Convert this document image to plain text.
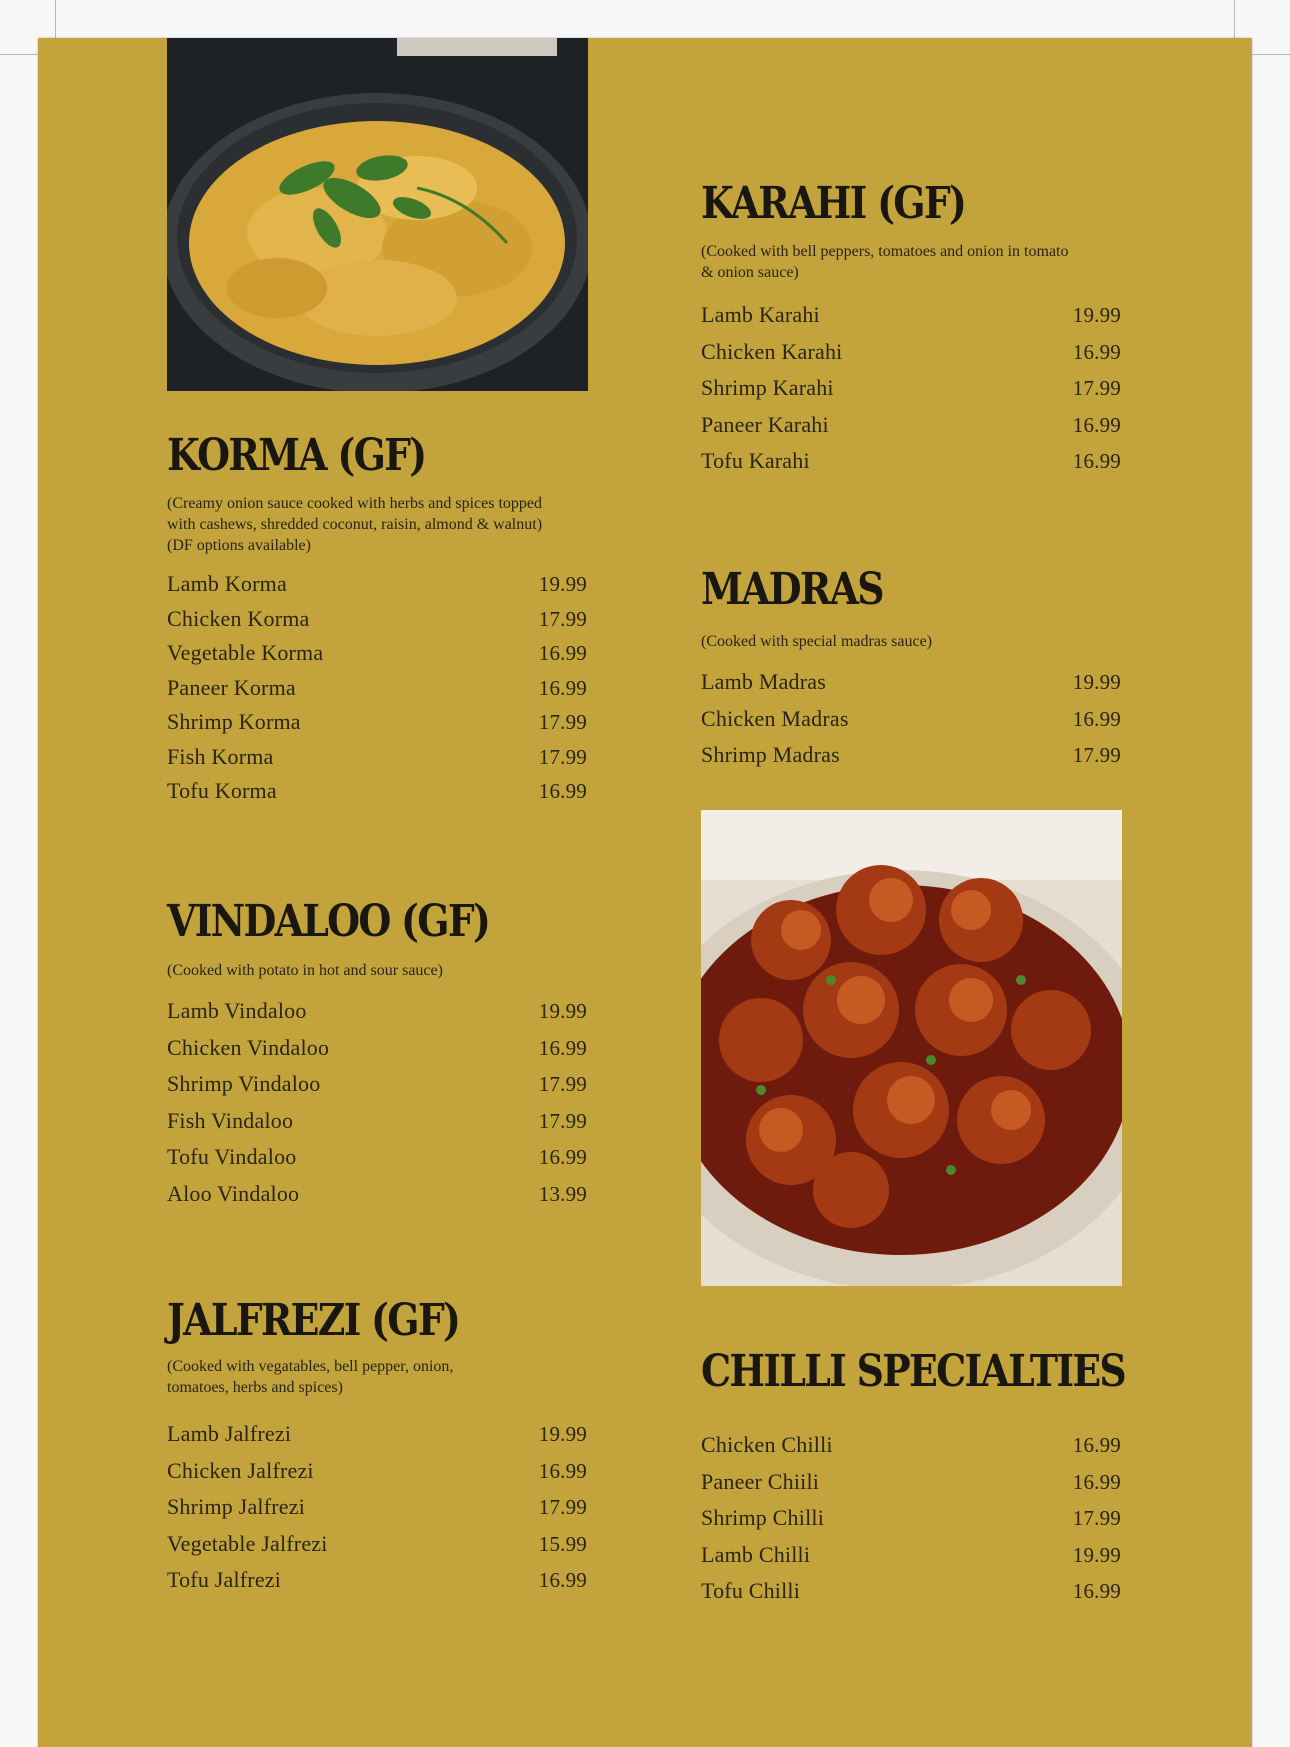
KORMA (GF)
(Creamy onion sauce cooked with herbs and spices topped
with cashews, shredded coconut, raisin, almond & walnut)
(DF options available)
Lamb Korma	19.99
Chicken Korma	17.99
Vegetable Korma	16.99
Paneer Korma	16.99
Shrimp Korma	17.99
Fish Korma	17.99
Tofu Korma	16.99
VINDALOO (GF)
(Cooked with potato in hot and sour sauce)
Lamb Vindaloo	19.99
Chicken Vindaloo	16.99
Shrimp Vindaloo	17.99
Fish Vindaloo	17.99
Tofu Vindaloo	16.99
Aloo Vindaloo	13.99
JALFREZI (GF)
(Cooked with vegatables, bell pepper, onion,
tomatoes, herbs and spices)
Lamb Jalfrezi	19.99
Chicken Jalfrezi	16.99
Shrimp Jalfrezi	17.99
Vegetable Jalfrezi	15.99
Tofu Jalfrezi	16.99
KARAHI (GF)
(Cooked with bell peppers, tomatoes and onion in tomato
& onion sauce)
Lamb Karahi	19.99
Chicken Karahi	16.99
Shrimp Karahi	17.99
Paneer Karahi	16.99
Tofu Karahi	16.99
MADRAS
(Cooked with special madras sauce)
Lamb Madras	19.99
Chicken Madras	16.99
Shrimp Madras	17.99
CHILLI SPECIALTIES
Chicken Chilli	16.99
Paneer Chiili	16.99
Shrimp Chilli	17.99
Lamb Chilli	19.99
Tofu Chilli	16.99
